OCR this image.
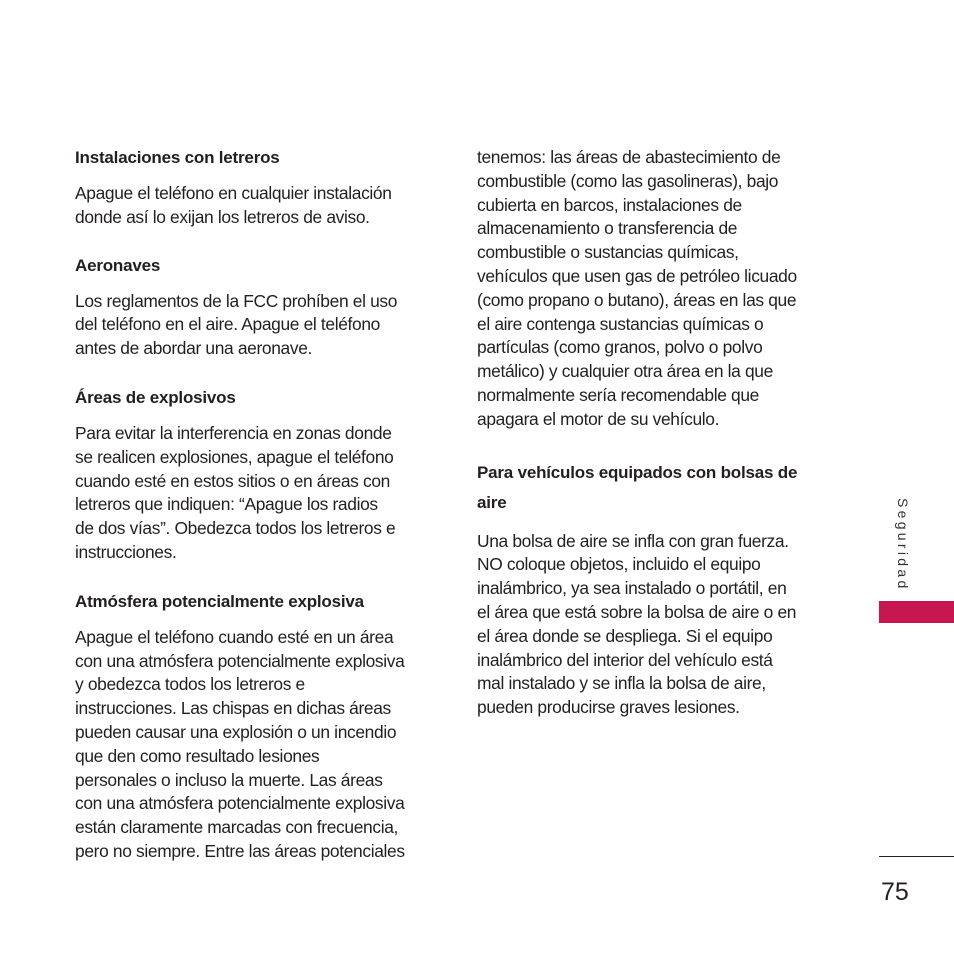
Instalaciones con letreros

Apague el teléfono en cualquier instalación
donde así lo exijan los letreros de aviso.

Aeronaves

Los reglamentos de la FCC prohíben el uso
del teléfono en el aire. Apague el teléfono
antes de abordar una aeronave.

Áreas de explosivos

Para evitar la interferencia en zonas donde
se realicen explosiones, apague el teléfono
cuando esté en estos sitios o en áreas con
letreros que indiquen: “Apague los radios
de dos vías”. Obedezca todos los letreros e
instrucciones.

Atmósfera potencialmente explosiva

Apague el teléfono cuando esté en un área
con una atmósfera potencialmente explosiva
y obedezca todos los letreros e
instrucciones. Las chispas en dichas áreas
pueden causar una explosión o un incendio
que den como resultado lesiones
personales o incluso la muerte. Las áreas
con una atmósfera potencialmente explosiva
están claramente marcadas con frecuencia,
pero no siempre. Entre las áreas potenciales

tenemos: las áreas de abastecimiento de
combustible (como las gasolineras), bajo
cubierta en barcos, instalaciones de
almacenamiento o transferencia de
combustible o sustancias químicas,
vehículos que usen gas de petróleo licuado
(como propano o butano), áreas en las que
el aire contenga sustancias químicas o
partículas (como granos, polvo o polvo
metálico) y cualquier otra área en la que
normalmente sería recomendable que
apagara el motor de su vehículo.

Para vehículos equipados con bolsas de
aire

Una bolsa de aire se infla con gran fuerza.
NO coloque objetos, incluido el equipo
inalámbrico, ya sea instalado o portátil, en
el área que está sobre la bolsa de aire o en
el área donde se despliega. Si el equipo
inalámbrico del interior del vehículo está
mal instalado y se infla la bolsa de aire,
pueden producirse graves lesiones.

Seguridad
75
